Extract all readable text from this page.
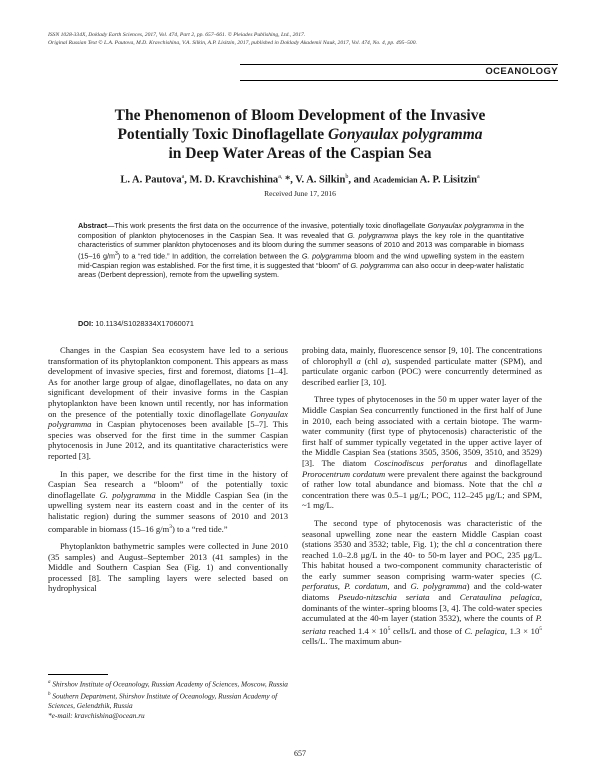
ISSN 1028-334X, Doklady Earth Sciences, 2017, Vol. 474, Part 2, pp. 657–661. © Pleiades Publishing, Ltd., 2017.
Original Russian Text © L.A. Pautova, M.D. Kravchishina, V.A. Silkin, A.P. Lisitzin, 2017, published in Doklady Akademii Nauk, 2017, Vol. 474, No. 4, pp. 495–500.
OCEANOLOGY
The Phenomenon of Bloom Development of the Invasive
Potentially Toxic Dinoflagellate Gonyaulax polygramma
in Deep Water Areas of the Caspian Sea
L. A. Pautova$^a$, M. D. Kravchishina$^{a,}$ *, V. A. Silkin$^b$, and Academician A. P. Lisitzin$^a$
Received June 17, 2016
Abstract—This work presents the first data on the occurrence of the invasive, potentially toxic dinoflagellate Gonyaulax polygramma in the composition of plankton phytocenoses in the Caspian Sea. It was revealed that G. polygramma plays the key role in the quantitative characteristics of summer plankton phytocenoses and its bloom during the summer seasons of 2010 and 2013 was comparable in biomass (15–16 $g/m^3$) to a “red tide.” In addition, the correlation between the G. polygramma bloom and the wind upwelling system in the eastern mid-Caspian region was established. For the first time, it is suggested that “bloom” of G. polygramma can also occur in deep-water halistatic areas (Derbent depression), remote from the upwelling system.
DOI: 10.1134/S1028334X17060071

Changes in the Caspian Sea ecosystem have led to a serious transformation of its phytoplankton component. This appears as mass development of invasive species, first and foremost, diatoms [1–4]. As for another large group of algae, dinoflagellates, no data on any significant development of their invasive forms in the Caspian phytoplankton have been known until recently, nor has information on the presence of the potentially toxic dinoflagellate Gonyaulax polygramma in Caspian phytocenoses been available [5–7]. This species was observed for the first time in the summer Caspian phytocenosis in June 2012, and its quantitative characteristics were reported [3].

In this paper, we describe for the first time in the history of Caspian Sea research a “bloom” of the potentially toxic dinoflagellate G. polygramma in the Middle Caspian Sea (in the upwelling system near its eastern coast and in the center of its halistatic region) during the summer seasons of 2010 and 2013 comparable in biomass (15–16 $g/m^3$) to a “red tide.”

Phytoplankton bathymetric samples were collected in June 2010 (35 samples) and August–September 2013 (41 samples) in the Middle and Southern Caspian Sea (Fig. 1) and conventionally processed [8]. The sampling layers were selected based on hydrophysical

$^a$ Shirshov Institute of Oceanology, Russian Academy of Sciences, Moscow, Russia
$^b$ Southern Department, Shirshov Institute of Oceanology, Russian Academy of Sciences, Gelendzhik, Russia
*e-mail: kravchishina@ocean.ru

probing data, mainly, fluorescence sensor [9, 10]. The concentrations of chlorophyll a (chl a), suspended particulate matter (SPM), and particulate organic carbon (POC) were concurrently determined as described earlier [3, 10].

Three types of phytocenoses in the 50 m upper water layer of the Middle Caspian Sea concurrently functioned in the first half of June in 2010, each being associated with a certain biotope. The warm-water community (first type of phytocenosis) characteristic of the first half of summer typically vegetated in the upper active layer of the Middle Caspian Sea (stations 3505, 3506, 3509, 3510, and 3529) [3]. The diatom Coscinodiscus perforatus and dinoflagellate Prorocentrum cordatum were prevalent there against the background of rather low total abundance and biomass. Note that the chl a concentration there was 0.5–1 μg/L; POC, 112–245 μg/L; and SPM, ~1 mg/L.

The second type of phytocenosis was characteristic of the seasonal upwelling zone near the eastern Middle Caspian coast (stations 3530 and 3532; table, Fig. 1); the chl a concentration there reached 1.0–2.8 μg/L in the 40- to 50-m layer and POC, 235 μg/L. This habitat housed a two-component community characteristic of the early summer season comprising warm-water species (C. perforatus, P. cordatum, and G. polygramma) and the cold-water diatoms Pseudo-nitzschia seriata and Cerataulina pelagica, dominants of the winter–spring blooms [3, 4]. The cold-water species accumulated at the 40-m layer (station 3532), where the counts of P. seriata reached $1.4 \times 10^5$ cells/L and those of C. pelagica, $1.3 \times 10^5$ cells/L. The maximum abun-

657
